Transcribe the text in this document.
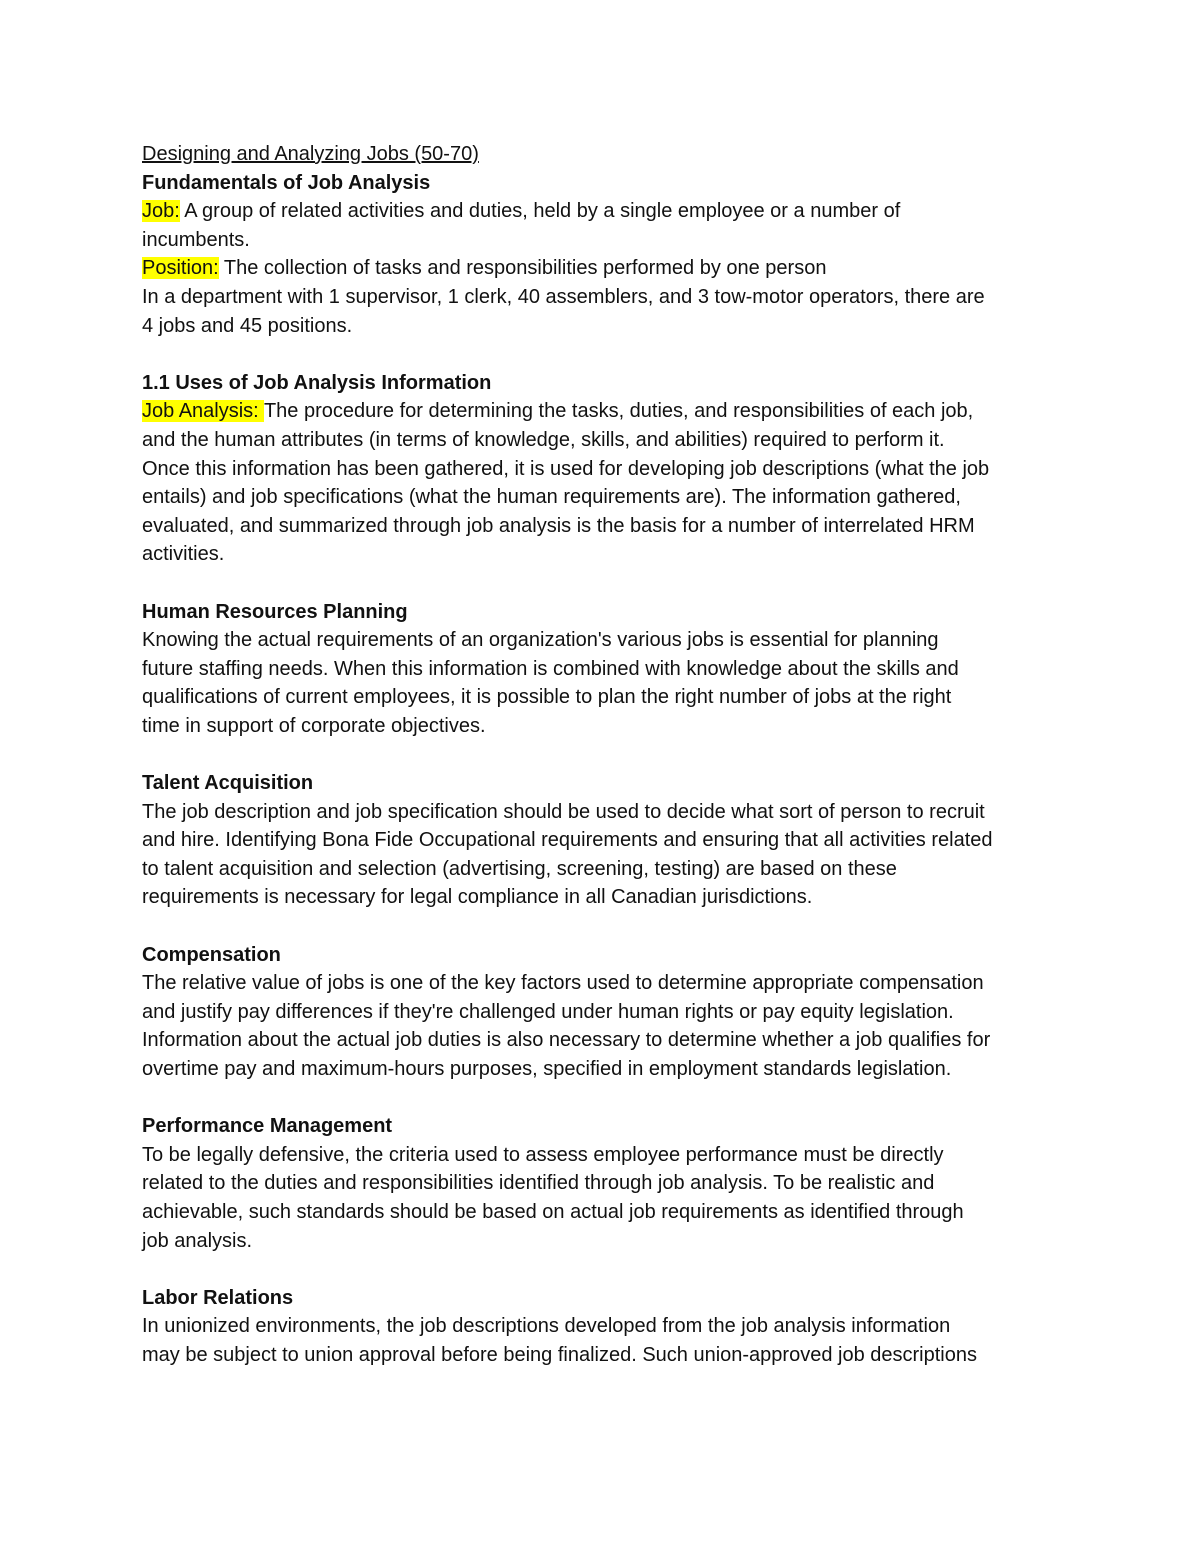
Designing and Analyzing Jobs (50-70)
Fundamentals of Job Analysis
Job: A group of related activities and duties, held by a single employee or a number of
incumbents.
Position: The collection of tasks and responsibilities performed by one person
In a department with 1 supervisor, 1 clerk, 40 assemblers, and 3 tow-motor operators, there are
4 jobs and 45 positions.
1.1 Uses of Job Analysis Information
Job Analysis: The procedure for determining the tasks, duties, and responsibilities of each job,
and the human attributes (in terms of knowledge, skills, and abilities) required to perform it.
Once this information has been gathered, it is used for developing job descriptions (what the job
entails) and job specifications (what the human requirements are). The information gathered,
evaluated, and summarized through job analysis is the basis for a number of interrelated HRM
activities.
Human Resources Planning
Knowing the actual requirements of an organization's various jobs is essential for planning
future staffing needs. When this information is combined with knowledge about the skills and
qualifications of current employees, it is possible to plan the right number of jobs at the right
time in support of corporate objectives.
Talent Acquisition
The job description and job specification should be used to decide what sort of person to recruit
and hire. Identifying Bona Fide Occupational requirements and ensuring that all activities related
to talent acquisition and selection (advertising, screening, testing) are based on these
requirements is necessary for legal compliance in all Canadian jurisdictions.
Compensation
The relative value of jobs is one of the key factors used to determine appropriate compensation
and justify pay differences if they're challenged under human rights or pay equity legislation.
Information about the actual job duties is also necessary to determine whether a job qualifies for
overtime pay and maximum-hours purposes, specified in employment standards legislation.
Performance Management
To be legally defensive, the criteria used to assess employee performance must be directly
related to the duties and responsibilities identified through job analysis. To be realistic and
achievable, such standards should be based on actual job requirements as identified through
job analysis.
Labor Relations
In unionized environments, the job descriptions developed from the job analysis information
may be subject to union approval before being finalized. Such union-approved job descriptions
